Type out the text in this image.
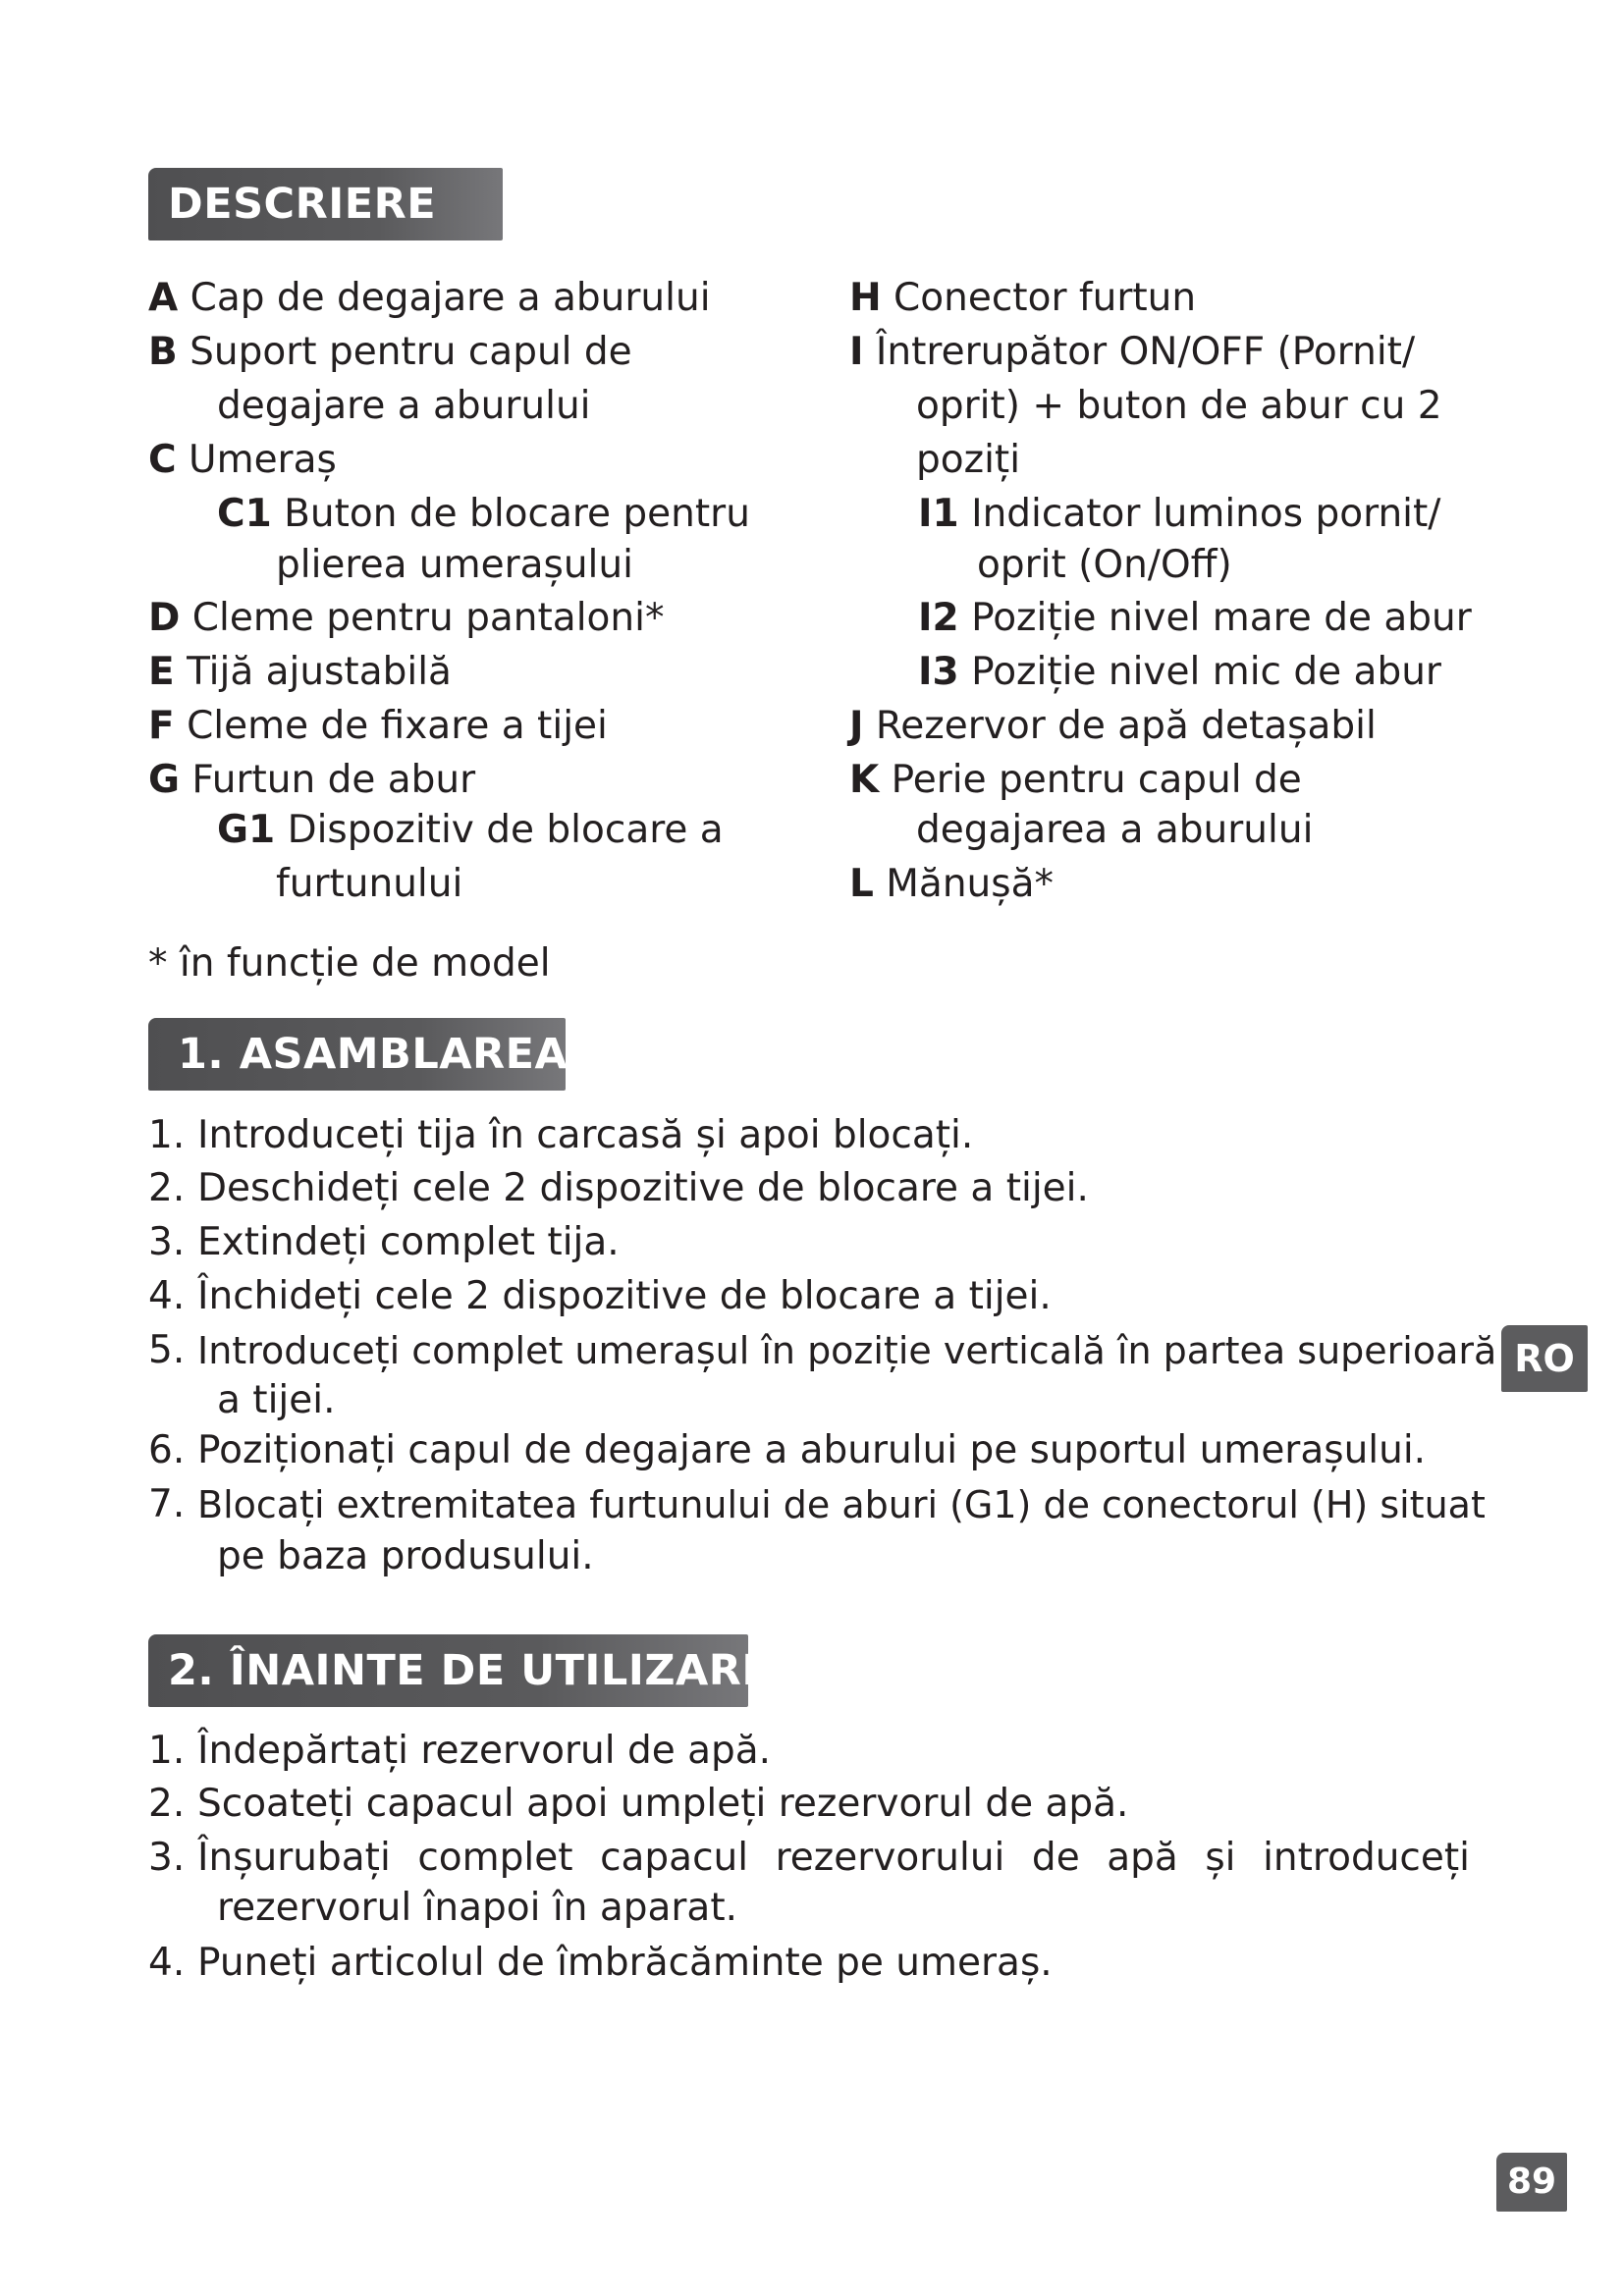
DESCRIERE
A Cap de degajare a aburului
B Suport pentru capul de
degajare a aburului
C Umeraș
C1 Buton de blocare pentru
plierea umerașului
D Cleme pentru pantaloni*
E Tijă ajustabilă
F Cleme de fixare a tijei
G Furtun de abur
G1 Dispozitiv de blocare a
furtunului
H Conector furtun
I Întrerupător ON/OFF (Pornit/
oprit) + buton de abur cu 2
poziți
I1 Indicator luminos pornit/
oprit (On/Off)
I2 Poziție nivel mare de abur
I3 Poziție nivel mic de abur
J Rezervor de apă detașabil
K Perie pentru capul de
degajarea a aburului
L Mănușă*
* în funcție de model
1. ASAMBLAREA
1. Introduceți tija în carcasă și apoi blocați.
2. Deschideți cele 2 dispozitive de blocare a tijei.
3. Extindeți complet tija.
4. Închideți cele 2 dispozitive de blocare a tijei.
5. Introduceți complet umerașul în poziție verticală în partea superioară
a tijei.
6. Poziționați capul de degajare a aburului pe suportul umerașului.
7. Blocați extremitatea furtunului de aburi (G1) de conectorul (H) situat
pe baza produsului.
RO
2. ÎNAINTE DE UTILIZARE
1. Îndepărtați rezervorul de apă.
2. Scoateți capacul apoi umpleți rezervorul de apă.
3. Înșurubați complet capacul rezervorului de apă și introduceți
rezervorul înapoi în aparat.
4. Puneți articolul de îmbrăcăminte pe umeraș.
89
